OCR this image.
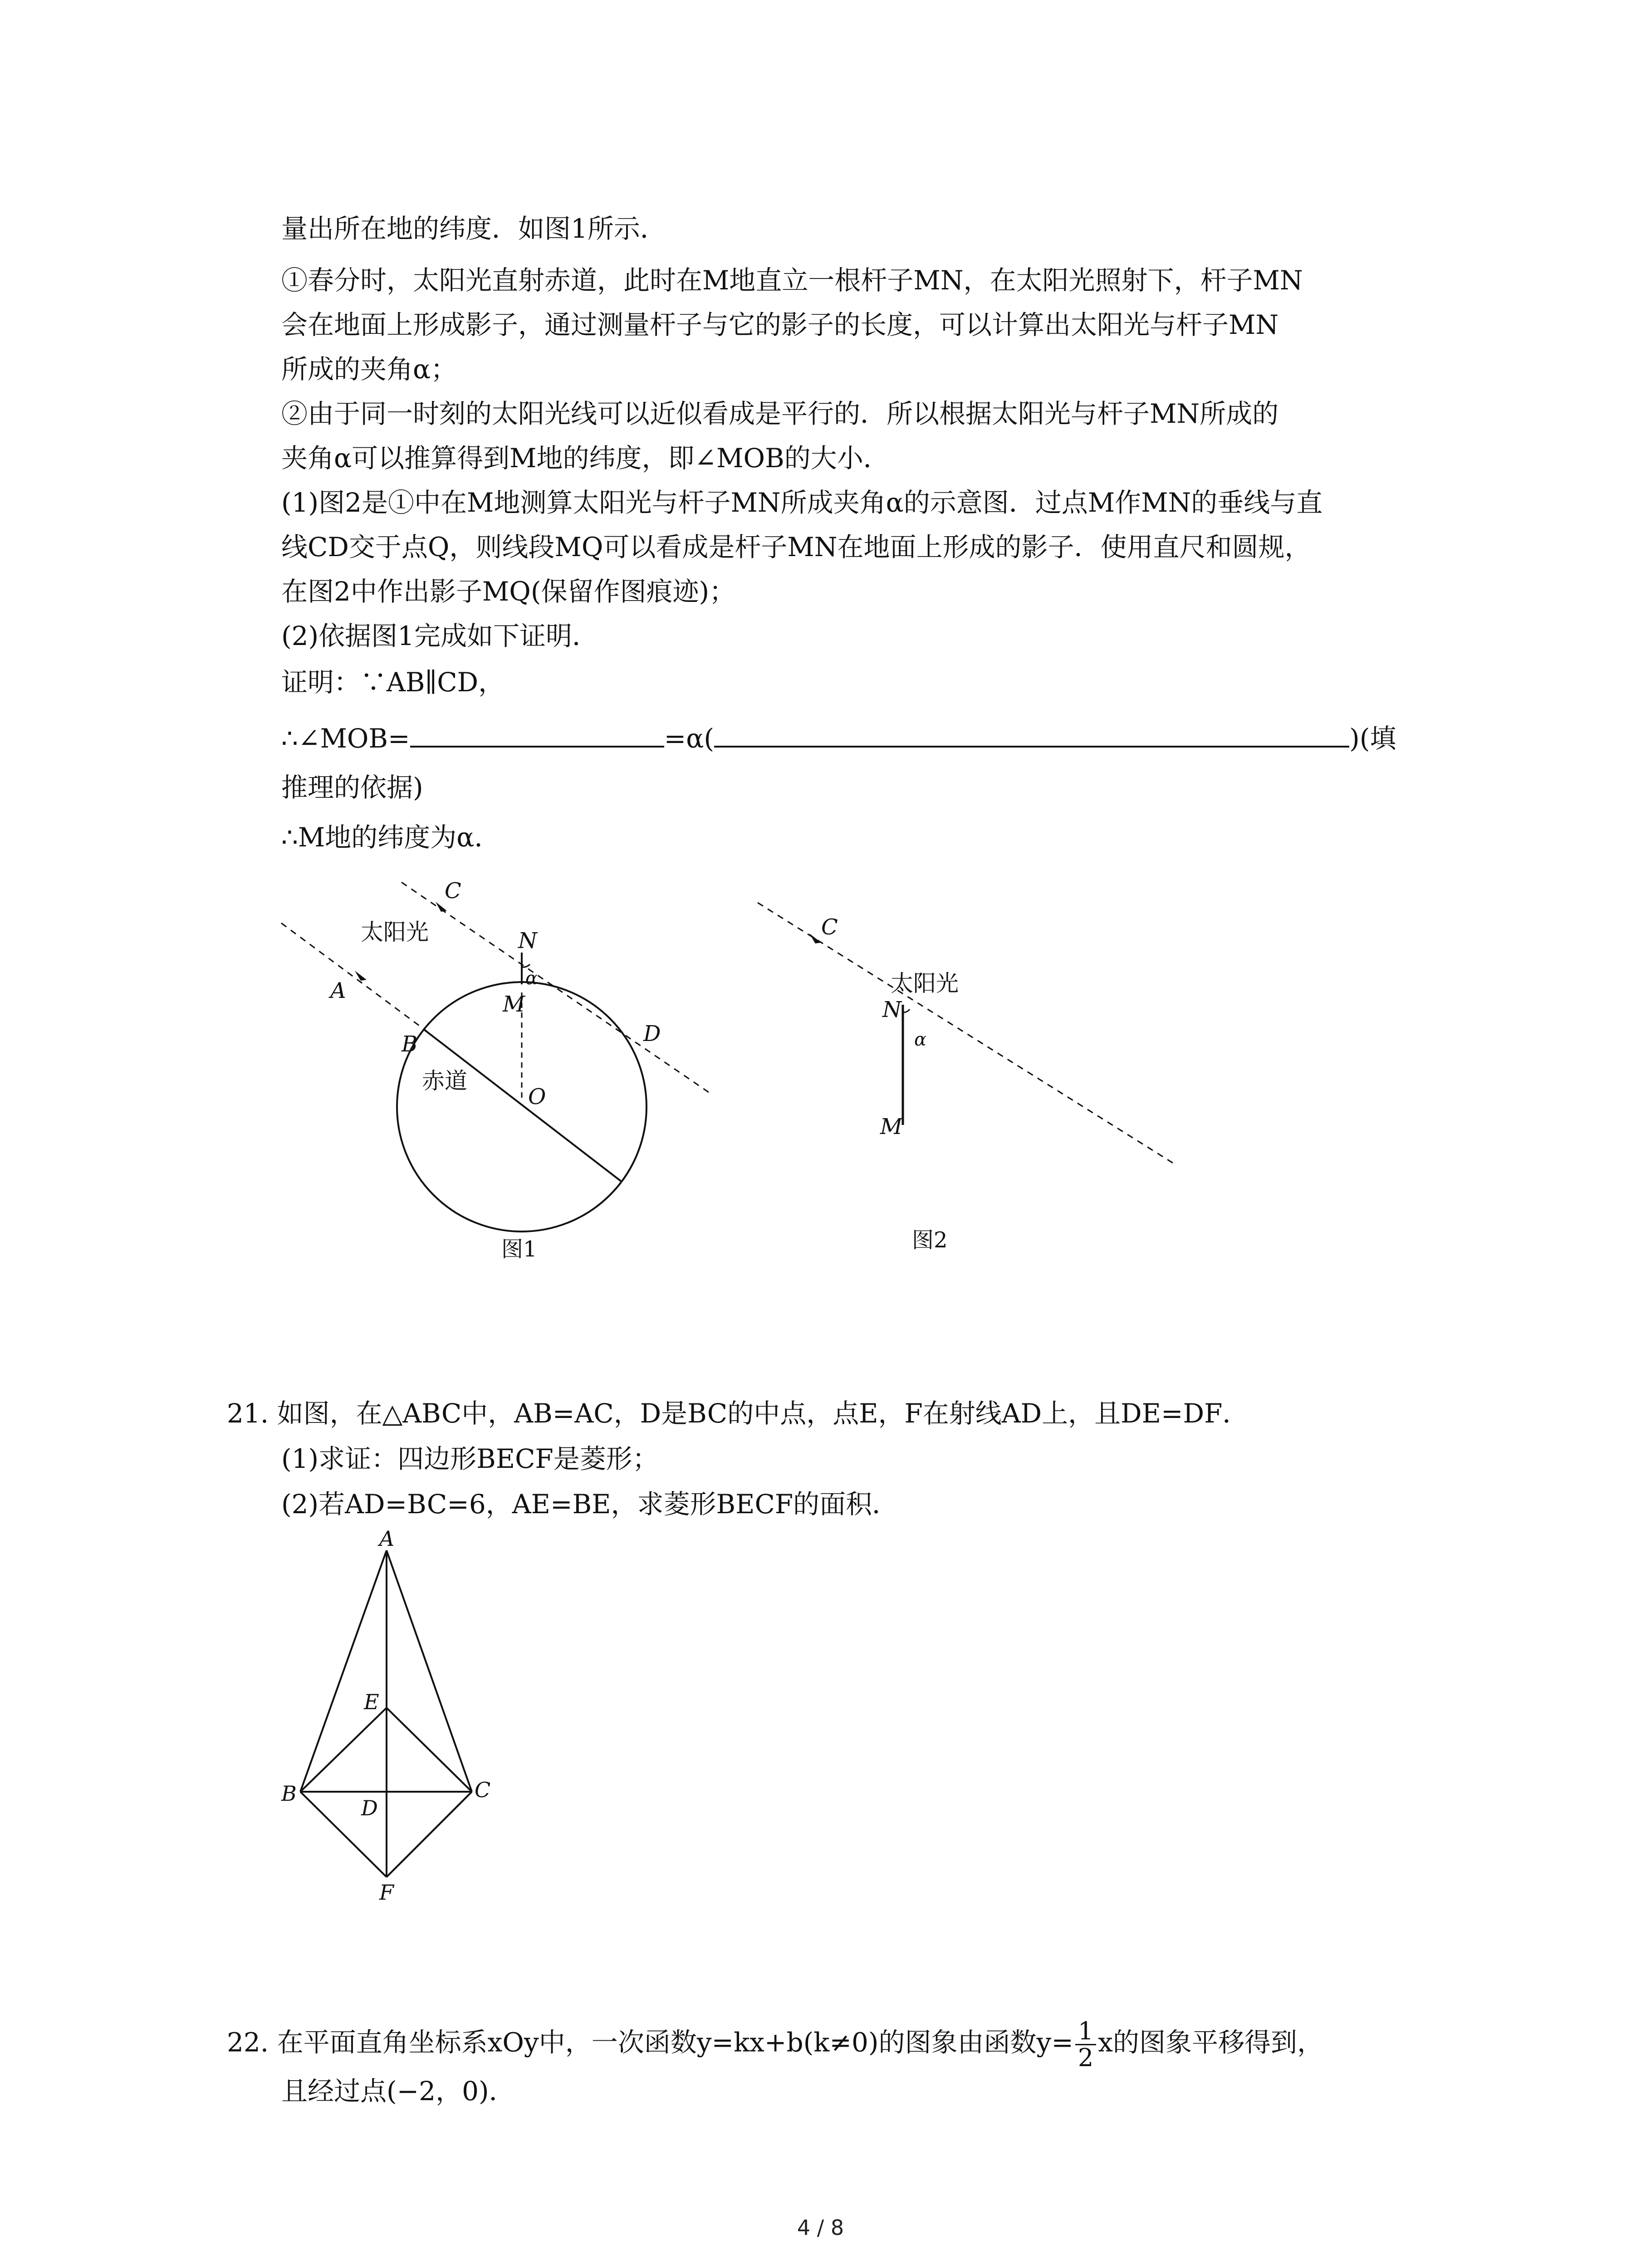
量出所在地的纬度．如图1所示．
①春分时，太阳光直射赤道，此时在M地直立一根杆子MN，在太阳光照射下，杆子MN
会在地面上形成影子，通过测量杆子与它的影子的长度，可以计算出太阳光与杆子MN
所成的夹角α；
②由于同一时刻的太阳光线可以近似看成是平行的．所以根据太阳光与杆子MN所成的
夹角α可以推算得到M地的纬度，即∠MOB的大小．
(1)图2是①中在M地测算太阳光与杆子MN所成夹角α的示意图．过点M作MN的垂线与直
线CD交于点Q，则线段MQ可以看成是杆子MN在地面上形成的影子．使用直尺和圆规，
在图2中作出影子MQ(保留作图痕迹)；
(2)依据图1完成如下证明．
证明：∵AB∥CD，
∴∠MOB=	=α(	)(填
推理的依据)
∴M地的纬度为α．
C
A
B
N
M
α
D
O
太阳光
赤道
图1
C
太阳光
N
α
M
图2
21. 如图，在△ABC中，AB=AC，D是BC的中点，点E，F在射线AD上，且DE=DF．
(1)求证：四边形BECF是菱形；
(2)若AD=BC=6，AE=BE，求菱形BECF的面积．
A
E
B	C
D
F
22. 在平面直角坐标系xOy中，一次函数y=kx+b(k≠0)的图象由函数$y= \frac{1}{2}$ x的图象平移得到，
且经过点(−2，0)．
4 / 8
